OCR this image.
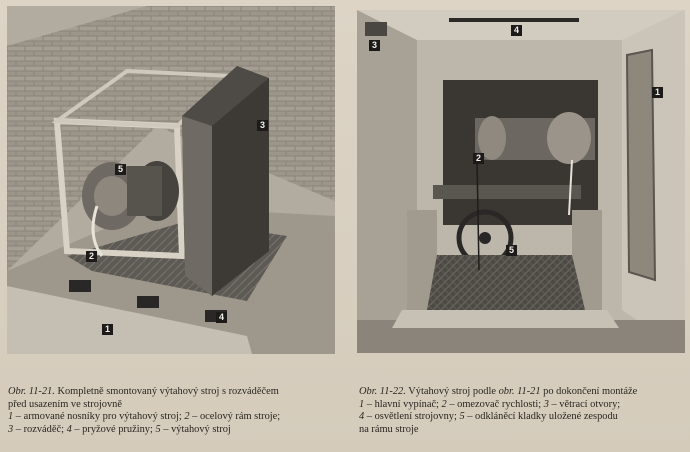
3
5
2
4
1
1
2
3
4
5
Obr. 11-21. Kompletně smontovaný výtahový stroj s rozváděčem
před usazením ve strojovně
1 – armované nosníky pro výtahový stroj; 2 – ocelový rám stroje;
3 – rozváděč; 4 – pryžové pružiny; 5 – výtahový stroj
Obr. 11-22. Výtahový stroj podle obr. 11-21 po dokončení montáže
1 – hlavní vypínač; 2 – omezovač rychlosti; 3 – větrací otvory;
4 – osvětlení strojovny; 5 – odkláněcí kladky uložené zespodu
na rámu stroje
